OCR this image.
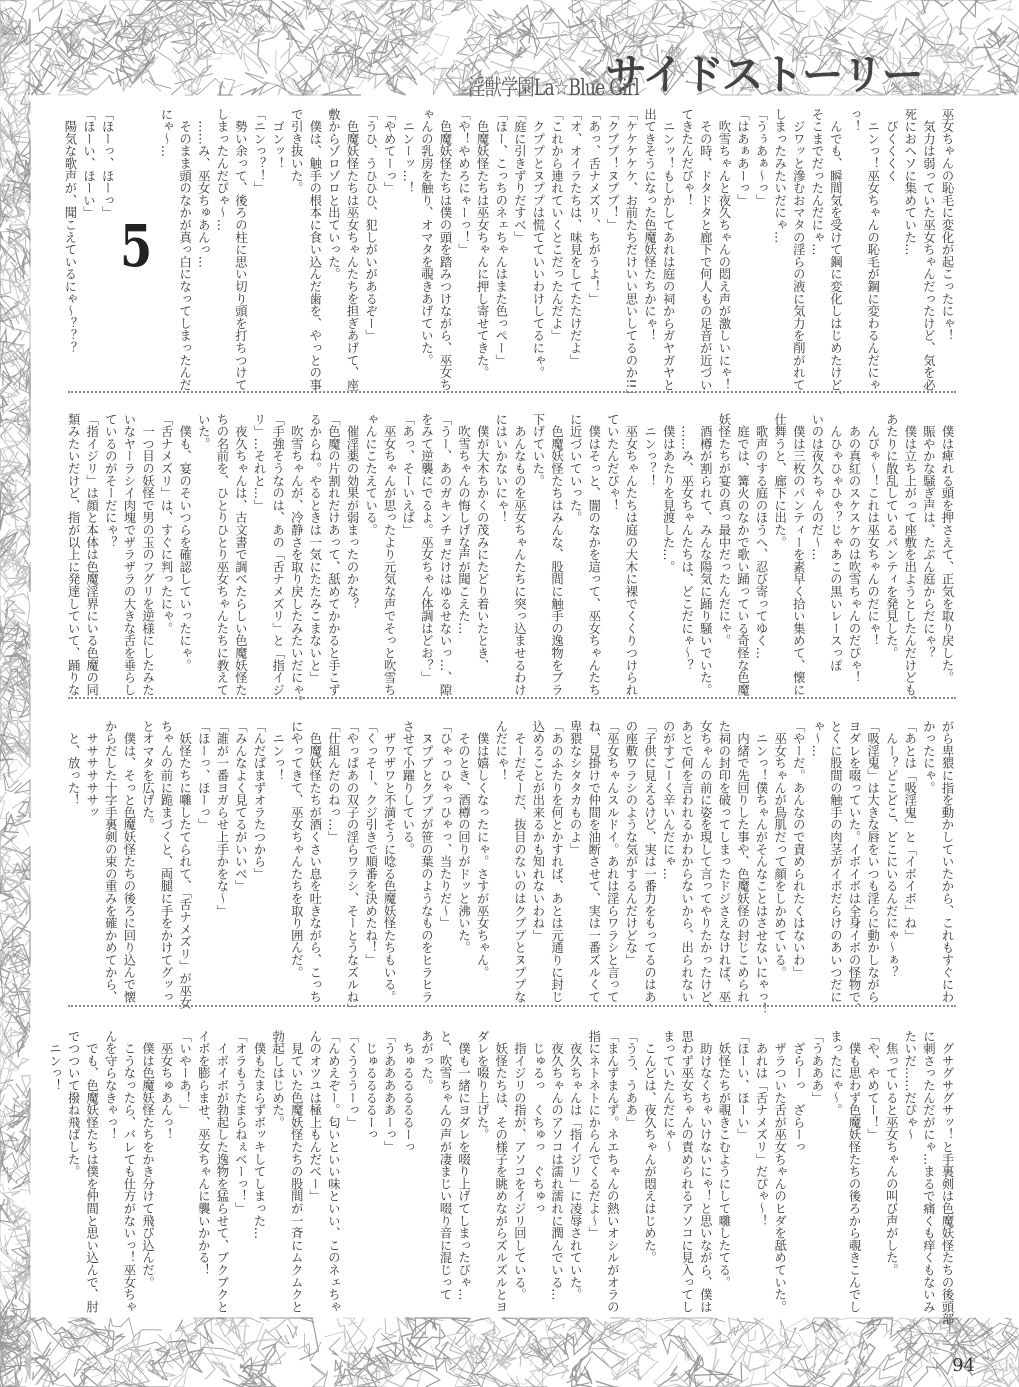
淫獣学園La☆Blue Girl
サイドストーリー
巫女ちゃんの恥毛に変化が起こったにゃ！
　気力は弱っていた巫女ちゃんだったけど、気を必
死におヘソに集めていた…
　ぴくくくく
　ニンっ！巫女ちゃんの恥毛が鋼に変わるんだにゃ
っ！
　んでも、瞬間気を受けて鋼に変化しはじめたけど、
そこまでだったんだにゃ…
　ジワッと滲むおマタの淫らの液に気力を削がれて
しまったみたいだにゃ…
「うぅあぁ〜っ」
「はあぁあーっ」
　吹雪ちゃんと夜久ちゃんの悶え声が激しいにゃ！
　その時、ドタドタと廊下で何人もの足音が近づい
てきたんだぴゃ！
　ニンッ！もしかしてあれは庭の祠からガヤガヤと
出てきそうになった色魔妖怪たちかにゃ！
「ケケケケケ、お前たちだけいい思いしてるのか!!」
「クププ！ヌププ！」
「あっ、舌ナメズリ、ちがうよ！」
「オ、オイラたちは、味見をしてたたけだよ」
「これから連れていくとこだったんだよ」
　クププとヌププは慌てていいわけしてるにゃ。
「庭に引きずりだすべ」
「ほー、こっちのネェちゃんはまた色っぺー」
　色魔妖怪たちは巫女ちゃんに押し寄せてきた。
「や！やめろにゃーっ！」
　色魔妖怪たちは僕の頭を踏みつけながら、巫女ち
ゃんの乳房を触り、オマタを覗きあげていた。
　ニンーッ…！
「やめてーっ」
「うひ、うひひひ、犯しがいがあるぞー」
　色魔妖怪たちは巫女ちゃんたちを担ぎあげて、座
敷からゾロゾロと出ていった。
　僕は、触手の根本に食い込んだ歯を、やっとの事
で引き抜いた。
　ゴンッ！
「ニンっ？！」
　勢い余って、後ろの柱に思い切り頭を打ちつけて
しまったんだぴゃ〜…
　……み、巫女ちゅあんっ…
　そのまま頭のなかが真っ白になってしまったんだ
にゃ〜…
5
「ほーっ、ほーっ」
「ほーい、ほーい」
　陽気な歌声が、聞こえているにゃ〜？？？
　僕は痺れる頭を押さえて、正気を取り戻した。
　賑やかな騒ぎ声は、たぶん庭からだにゃ？
　僕は立ち上がって座敷を出ようとしたんだけども、
あたりに散乱しているパンティを発見した。
　んぴゃ〜！これは巫女ちゃんのだにゃ！
　あの真紅のスケスケのは吹雪ちゃんのだぴゃ！
　んひゃひゃひゃ？じゃあこの黒いレースっぽ
いのは夜久ちゃんのだ〜…
　僕は三枚のパンティーを素早く拾い集めて、懐に
仕舞うと、廊下に出た。
　歌声のする庭のほうへ、忍び寄ってゆく…
　庭では、篝火のなかで歌い踊っている奇怪な色魔
妖怪たちが宴の真っ最中だったんだにゃ。
　酒樽が割られて、みんな陽気に踊り騒いでいた。
　……み、巫女ちゃんたちは、どこだにゃ〜？
　僕はあたりを見渡した…。
　ニンっ？！
　巫女ちゃんたちは庭の大木に裸でくくりつけられ
ていたんだぴゃ！
　僕はそっと、闇のなかを這って、巫女ちゃんたち
に近づいていった。
　色魔妖怪たちはみんな、股間に触手の逸物をブラ
下げていた。
　あんなものを巫女ちゃんたちに突っ込ませるわけ
にはいかないにゃ！
　僕が大木ちかくの茂みにたどり着いたとき、
　吹雪ちゃんの悔しげな声が聞こえた…
「うー、あのガキンチョだけはゆるせないっ…、隙
をみて逆襲にでるよ。巫女ちゃん体調はどお？」
「あっ、そーいえば」
　巫女ちゃんが思ったより元気な声でそっと吹雪ち
ゃんにこたえている。
　催淫薬の効果が弱まったのかな？
「色魔の片割れだけあって、舐めてかかると手こず
るからね。やるときは一気にたたみこまないと」
　吹雪ちゃんが、冷静さを取り戻したみたいだにゃ。
「手強そうなのは、あの「舌ナメズリ」と「指イジ
リ」…それと…」
　夜久ちゃんは、古文書で調べたらしい色魔妖怪た
ちの名前を、ひとりひとり巫女ちゃんたちに教えて
いた。
　僕も、宴のそいつらを確認していったにゃ。
「舌ナメズリ」は、すぐに判ったにゃ。
　一つ目の妖怪で男の玉のフグリを逆様にしたみた
いなヤーラシイ肉塊でザラザラの大きな舌を垂らし
ているのがそーだにゃ？
「指イジリ」は顔と本体は色魔淫界にいる色魔の同
類みたいだけど、指が以上に発達していて、踊りな
がら卑猥に指を動かしていたから、これもすぐにわ
かったにゃ。
「あとは「吸淫鬼」と「イボイボ」ね」
　んー？どこどこ、どこにいるんだにゃ〜ぁ？
「吸淫鬼」は大きな唇をいつも淫らに動かしながら
ヨダレを啜っていた。イボイボは全身イボの怪物で、
とくに股間の触手の肉茎がイボだらけのあいつだに
ゃ〜…
「やーだ。あんなので責められたくはないわ」
　巫女ちゃんが鳥肌だって顔をしかめている。
　ニンっ！僕ちゃんがそんなことはさせないにゃっ！
　内緒で先回りした事や、色魔妖怪の封じこめられ
た祠の封印を破ってしまったドジさえなければ、巫
女ちゃんの前に姿を現して言ってやりたかったけど、
あとで何を言われるかわからないから、出られない
のがすごーく辛いんだにゃ…
「子供に見えるけど、実は一番力をもってるのはあ
の座敷ワラシのような気がするんだけどな」
「巫女ちゃんスルドイ。あれは淫らワラシと言って
ね、見掛けで仲間を油断させて、実は一番ズルくて
卑猥なシタタカものよ」
「あのふたりを何とかすれば、あとは元通りに封じ
込めることが出来るかも知れないわね」
　そーだそーだ、抜目のないのはクププとヌププな
んだにゃ！
　僕は嬉しくなったにゃ。さすが巫女ちゃん。
　そのとき、酒樽の回りがドッと沸いた。
「ひゃっひゃっひゃっ、当たりだ〜」
　ヌププとクププが笹の葉のようなものをヒラヒラ
させて小躍りしている。
　ザワザワと不満そうに唸る色魔妖怪たちもいる。
「くっそー、クジ引きで順番を決めたね！」
「やっぱあの双子の淫らワラシ、そーとうなズルね」
「仕組んだのねっ…」
　色魔妖怪たちが酒くさい息を吐きながら、こっち
にやってきて、巫女ちゃんたちを取り囲んだ。
　ニンっ！
「んだばまずオラたつから」
「みんなよく見てるがいいべ」
「誰が一番ヨガらせ上手かをな〜」
「ほーっ、ほーっ」
　妖怪たちに囃したてられて、「舌ナメズリ」が巫女
ちゃんの前に跪まづくと、両腿に手をかけてグッっ
とオマタを広げた。
　僕は、そっと色魔妖怪たちの後ろに回り込んで懐
からだした十字手裏剣の束の重みを確かめてから、
　ササササササッ
　と、放った！
　グサグサグサッ！と手裏剣は色魔妖怪たちの後頭部
に刺さったんだがにゃ…まるで痛くも痒くもないみ
たいだ……だぴゃ〜
　焦っていると巫女ちゃんの叫び声がした。
「や、やめてー！」
　僕も思わず色魔妖怪たちの後ろから覗きこんでし
まったにゃ〜。
「うあああ」
　ざらーっ　ざらーっ
　ザラついた舌が巫女ちゃんのヒダを舐めていた。
　あれは「舌ナメズリ」だぴゃ〜！
「ほーい、ほーい」
　妖怪たちが覗きこむようにして囃したてる。
　助けなくちゃいけないにゃ！と思いながら、僕は
思わず巫女ちゃんの責められるアソコに見入ってし
まっていたんだにゃ〜
　こんどは、夜久ちゃんが悶えはじめた。
「うう、うああ」
「まんずまんず。ネエちゃんの熱いオシルがオラの
指にネトネトにからんでくるだよ〜」
　夜久ちゃんは「指イジリ」に凌辱されていた。
　夜久ちゃんのアソコは濡れ濡れに潤んでいる…
　じゅるっ　くちゅっ　ぐちゅっ
　指イジリの指が、アソコをイジリ回している。
　妖怪たちは、その様子を眺めながらズルズルとヨ
ダレを啜り上げた。
　僕も一緒にヨダレを啜り上げてしまったぴゃ…
と、吹雪ちゃんの声が凄まじい啜り音に混じって
あがった。
　ちゅるるるるるーっ
「うあああああーっ」
　じゅるるるるーっ
「くうううーっ」
「んめえぞー。匂いといい味といい、このネェちゃ
んのオツユは極上もんだべー」
　見ていた色魔妖怪たちの股間が一斉にムクムクと
勃起しはじめた。
　僕もたまらずボッキしてしまった…
「オラもうたまらねぇべーっ！」
　イボイボが勃起した逸物を猛らせて、ブクブクと
イボを膨らませ、巫女ちゃんに襲いかかる！
「いやーあ！」
　巫女ちゅあんっ！
　僕は色魔妖怪たちをかき分けて飛び込んだ。
　こうなったら、バレても仕方がないっ！巫女ちゃ
んを守らなきゃっ！
　でも、色魔妖怪たちは僕を仲間と思い込んで、肘
でつついて撥ね飛ばした。
　ニンっ！
94
